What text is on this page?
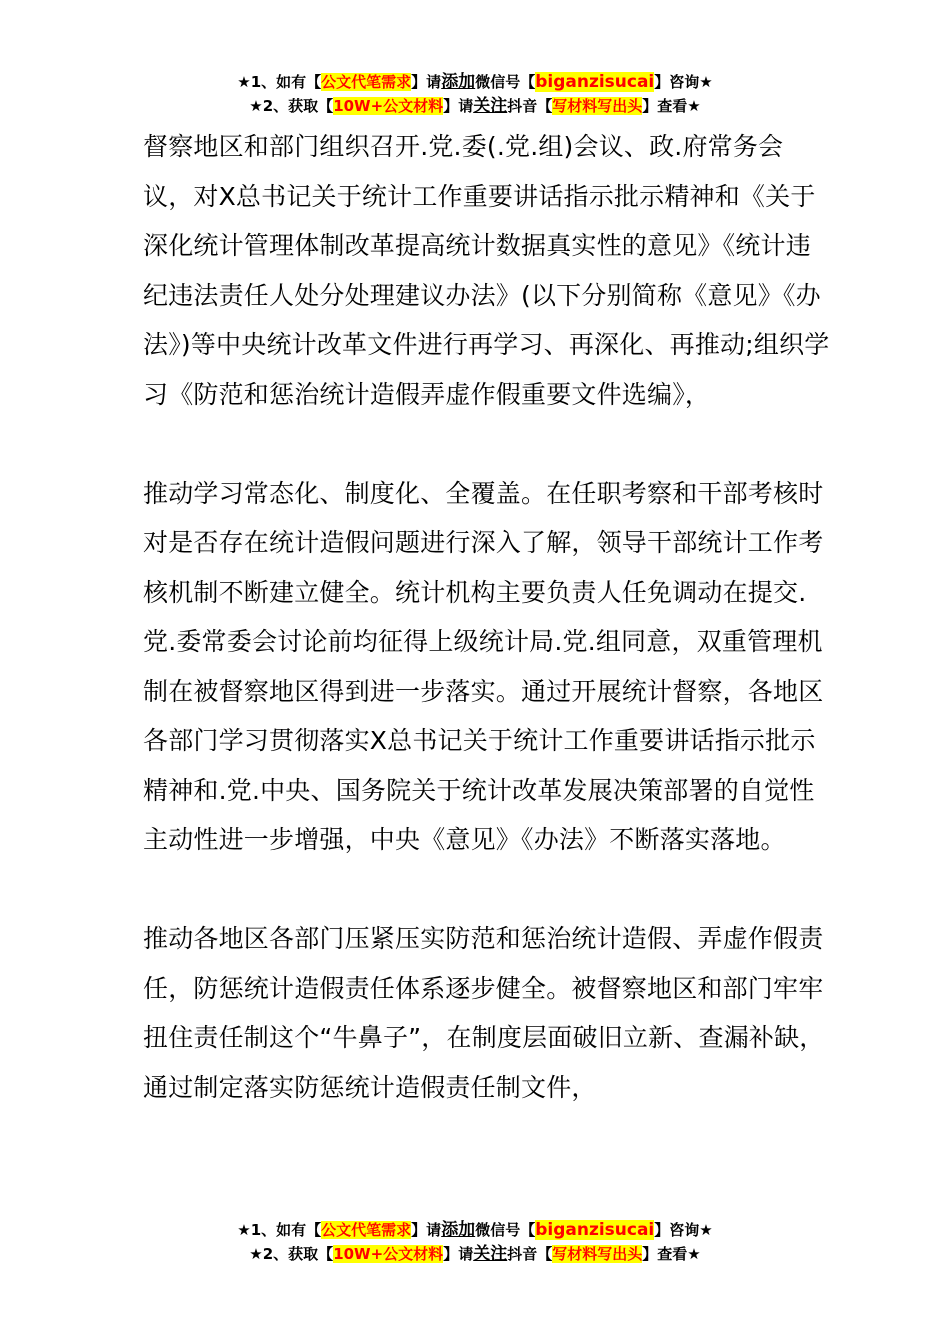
★1、如有【公文代笔需求】请添加微信号【biganzisucai】咨询★
★2、获取【10W+公文材料】请关注抖音【写材料写出头】查看★

督察地区和部门组织召开.党.委(.党.组)会议、政.府常务会议，对X总书记关于统计工作重要讲话指示批示精神和《关于深化统计管理体制改革提高统计数据真实性的意见》《统计违纪违法责任人处分处理建议办法》(以下分别简称《意见》《办法》)等中央统计改革文件进行再学习、再深化、再推动;组织学习《防范和惩治统计造假弄虚作假重要文件选编》，

推动学习常态化、制度化、全覆盖。在任职考察和干部考核时对是否存在统计造假问题进行深入了解，领导干部统计工作考核机制不断建立健全。统计机构主要负责人任免调动在提交.党.委常委会讨论前均征得上级统计局.党.组同意，双重管理机制在被督察地区得到进一步落实。通过开展统计督察，各地区各部门学习贯彻落实X总书记关于统计工作重要讲话指示批示精神和.党.中央、国务院关于统计改革发展决策部署的自觉性主动性进一步增强，中央《意见》《办法》不断落实落地。

推动各地区各部门压紧压实防范和惩治统计造假、弄虚作假责任，防惩统计造假责任体系逐步健全。被督察地区和部门牢牢扭住责任制这个“牛鼻子”，在制度层面破旧立新、查漏补缺，通过制定落实防惩统计造假责任制文件，

★1、如有【公文代笔需求】请添加微信号【biganzisucai】咨询★
★2、获取【10W+公文材料】请关注抖音【写材料写出头】查看★
